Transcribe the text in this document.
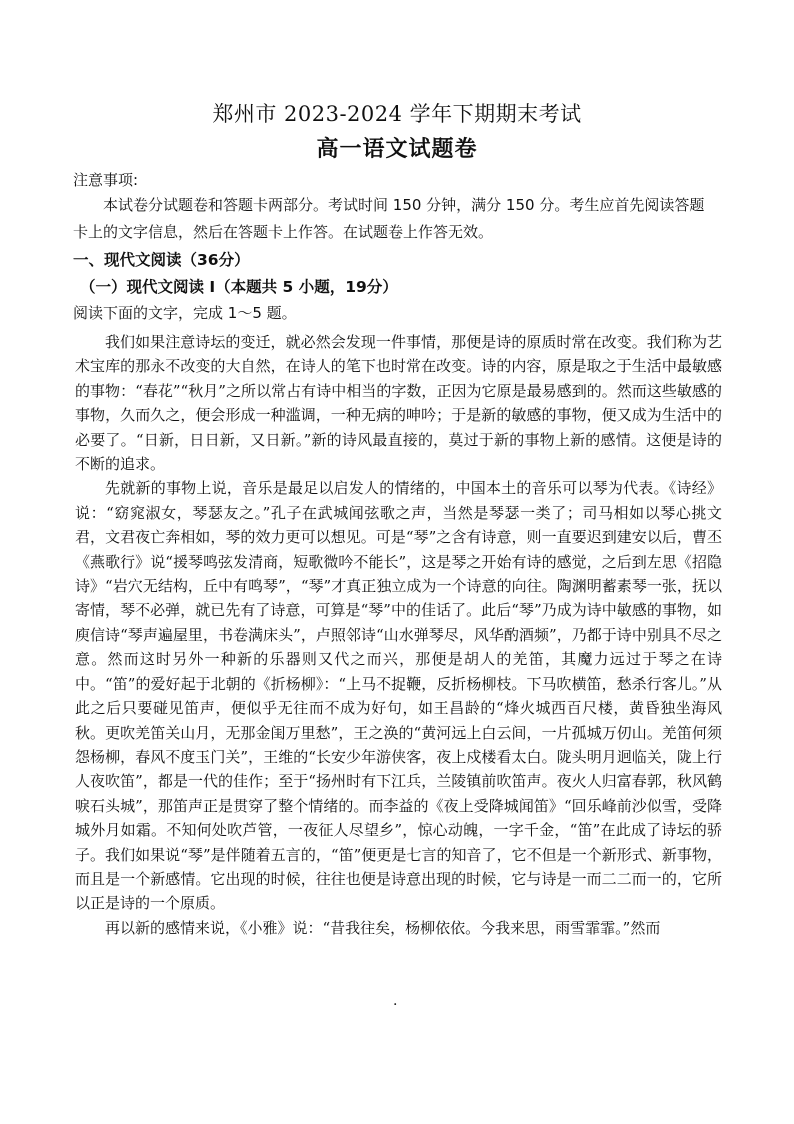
郑州市 2023-2024 学年下期期末考试
高一语文试题卷
注意事项:
本试卷分试题卷和答题卡两部分。考试时间 150 分钟，满分 150 分。考生应首先阅读答题
卡上的文字信息，然后在答题卡上作答。在试题卷上作答无效。
一、现代文阅读（36分）
（一）现代文阅读 I（本题共 5 小题，19分）
阅读下面的文字，完成 1～5 题。

我们如果注意诗坛的变迁，就必然会发现一件事情，那便是诗的原质时常在改变。我们称为艺术宝库的那永不改变的大自然，在诗人的笔下也时常在改变。诗的内容，原是取之于生活中最敏感的事物：“春花”“秋月”之所以常占有诗中相当的字数，正因为它原是最易感到的。然而这些敏感的事物，久而久之，便会形成一种滥调，一种无病的呻吟；于是新的敏感的事物，便又成为生活中的必要了。“日新，日日新，又日新。”新的诗风最直接的，莫过于新的事物上新的感情。这便是诗的不断的追求。

先就新的事物上说，音乐是最足以启发人的情绪的，中国本土的音乐可以琴为代表。《诗经》说：“窈窕淑女，琴瑟友之。”孔子在武城闻弦歌之声，当然是琴瑟一类了；司马相如以琴心挑文君，文君夜亡奔相如，琴的效力更可以想见。可是“琴”之含有诗意，则一直要迟到建安以后，曹丕《燕歌行》说“援琴鸣弦发清商，短歌微吟不能长”，这是琴之开始有诗的感觉，之后到左思《招隐诗》“岩穴无结构，丘中有鸣琴”，“琴”才真正独立成为一个诗意的向往。陶渊明蓄素琴一张，抚以寄情，琴不必弹，就已先有了诗意，可算是“琴”中的佳话了。此后“琴”乃成为诗中敏感的事物，如庾信诗“琴声遍屋里，书卷满床头”，卢照邻诗“山水弹琴尽，风华酌酒频”，乃都于诗中别具不尽之意。然而这时另外一种新的乐器则又代之而兴，那便是胡人的羌笛，其魔力远过于琴之在诗中。“笛”的爱好起于北朝的《折杨柳》：“上马不捉鞭，反折杨柳枝。下马吹横笛，愁杀行客儿。”从此之后只要碰见笛声，便似乎无往而不成为好句，如王昌龄的“烽火城西百尺楼，黄昏独坐海风秋。更吹羌笛关山月，无那金闺万里愁”，王之涣的“黄河远上白云间，一片孤城万仞山。羌笛何须怨杨柳，春风不度玉门关”，王维的“长安少年游侠客，夜上戍楼看太白。陇头明月迥临关，陇上行人夜吹笛”，都是一代的佳作；至于“扬州时有下江兵，兰陵镇前吹笛声。夜火人归富春郭，秋风鹤唳石头城”，那笛声正是贯穿了整个情绪的。而李益的《夜上受降城闻笛》“回乐峰前沙似雪，受降城外月如霜。不知何处吹芦管，一夜征人尽望乡”，惊心动魄，一字千金，“笛”在此成了诗坛的骄子。我们如果说“琴”是伴随着五言的，“笛”便更是七言的知音了，它不但是一个新形式、新事物，而且是一个新感情。它出现的时候，往往也便是诗意出现的时候，它与诗是一而二二而一的，它所以正是诗的一个原质。

再以新的感情来说，《小雅》说：“昔我往矣，杨柳依依。今我来思，雨雪霏霏。”然而

·
